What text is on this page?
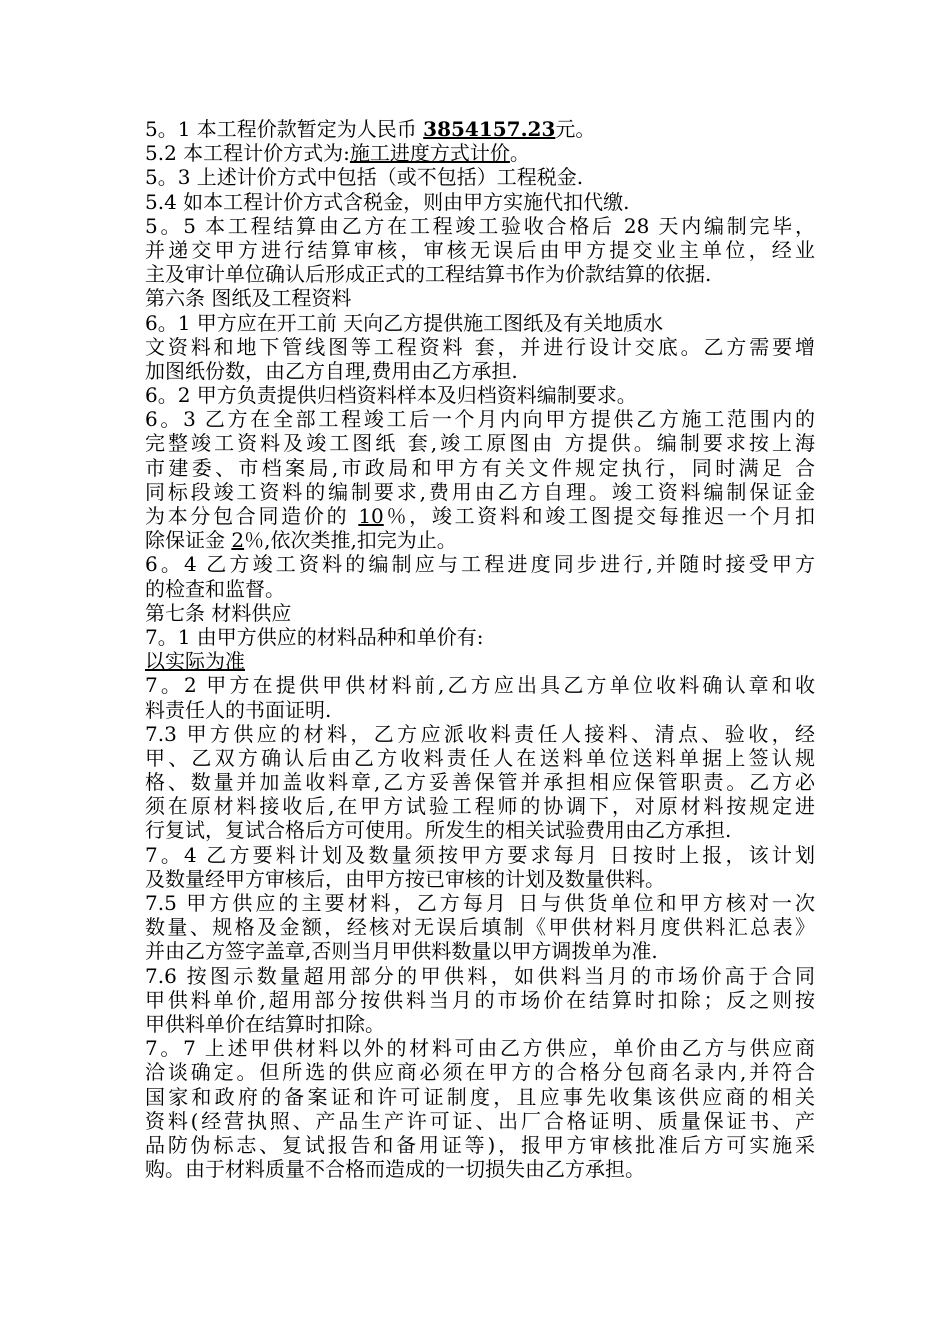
5。1 本工程价款暂定为人民币 3854157.23元。
5.2 本工程计价方式为:施工进度方式计价。
5。3 上述计价方式中包括（或不包括）工程税金.
5.4 如本工程计价方式含税金，则由甲方实施代扣代缴.
5。5 本工程结算由乙方在工程竣工验收合格后 28 天内编制完毕，
并递交甲方进行结算审核，审核无误后由甲方提交业主单位，经业
主及审计单位确认后形成正式的工程结算书作为价款结算的依据.
第六条 图纸及工程资料
6。1 甲方应在开工前 天向乙方提供施工图纸及有关地质水
文资料和地下管线图等工程资料 套，并进行设计交底。乙方需要增
加图纸份数，由乙方自理,费用由乙方承担.
6。2 甲方负责提供归档资料样本及归档资料编制要求。
6。3 乙方在全部工程竣工后一个月内向甲方提供乙方施工范围内的
完整竣工资料及竣工图纸 套,竣工原图由 方提供。编制要求按上海
市建委、市档案局,市政局和甲方有关文件规定执行，同时满足 合
同标段竣工资料的编制要求,费用由乙方自理。竣工资料编制保证金
为本分包合同造价的 10％，竣工资料和竣工图提交每推迟一个月扣
除保证金 2％,依次类推,扣完为止。
6。4 乙方竣工资料的编制应与工程进度同步进行,并随时接受甲方
的检查和监督。
第七条 材料供应
7。1 由甲方供应的材料品种和单价有:
以实际为准
7。2 甲方在提供甲供材料前,乙方应出具乙方单位收料确认章和收
料责任人的书面证明.
7.3 甲方供应的材料，乙方应派收料责任人接料、清点、验收，经
甲、乙双方确认后由乙方收料责任人在送料单位送料单据上签认规
格、数量并加盖收料章,乙方妥善保管并承担相应保管职责。乙方必
须在原材料接收后,在甲方试验工程师的协调下，对原材料按规定进
行复试，复试合格后方可使用。所发生的相关试验费用由乙方承担.
7。4 乙方要料计划及数量须按甲方要求每月 日按时上报，该计划
及数量经甲方审核后，由甲方按已审核的计划及数量供料。
7.5 甲方供应的主要材料，乙方每月 日与供货单位和甲方核对一次
数量、规格及金额，经核对无误后填制《甲供材料月度供料汇总表》
并由乙方签字盖章,否则当月甲供料数量以甲方调拨单为准.
7.6 按图示数量超用部分的甲供料，如供料当月的市场价高于合同
甲供料单价,超用部分按供料当月的市场价在结算时扣除；反之则按
甲供料单价在结算时扣除。
7。7 上述甲供材料以外的材料可由乙方供应，单价由乙方与供应商
洽谈确定。但所选的供应商必须在甲方的合格分包商名录内,并符合
国家和政府的备案证和许可证制度，且应事先收集该供应商的相关
资料(经营执照、产品生产许可证、出厂合格证明、质量保证书、产
品防伪标志、复试报告和备用证等)，报甲方审核批准后方可实施采
购。由于材料质量不合格而造成的一切损失由乙方承担。
